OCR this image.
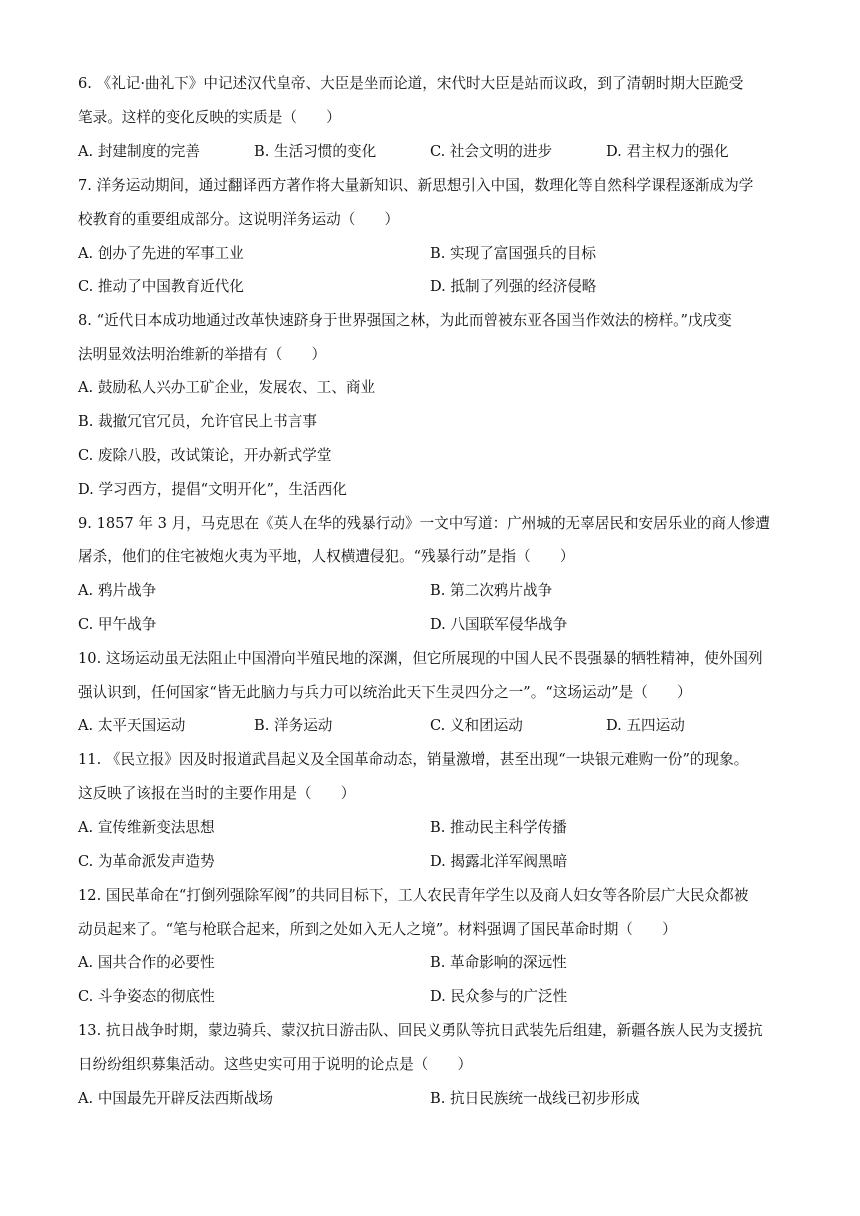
6. 《礼记·曲礼下》中记述汉代皇帝、大臣是坐而论道，宋代时大臣是站而议政，到了清朝时期大臣跪受
笔录。这样的变化反映的实质是（　　）
A. 封建制度的完善	B. 生活习惯的变化	C. 社会文明的进步	D. 君主权力的强化
7. 洋务运动期间，通过翻译西方著作将大量新知识、新思想引入中国，数理化等自然科学课程逐渐成为学
校教育的重要组成部分。这说明洋务运动（　　）
A. 创办了先进的军事工业	B. 实现了富国强兵的目标
C. 推动了中国教育近代化	D. 抵制了列强的经济侵略
8. “近代日本成功地通过改革快速跻身于世界强国之林，为此而曾被东亚各国当作效法的榜样。”戊戌变
法明显效法明治维新的举措有（　　）
A. 鼓励私人兴办工矿企业，发展农、工、商业
B. 裁撤冗官冗员，允许官民上书言事
C. 废除八股，改试策论，开办新式学堂
D. 学习西方，提倡“文明开化”，生活西化
9. 1857 年 3 月，马克思在《英人在华的残暴行动》一文中写道：广州城的无辜居民和安居乐业的商人惨遭
屠杀，他们的住宅被炮火夷为平地，人权横遭侵犯。“残暴行动”是指（　　）
A. 鸦片战争	B. 第二次鸦片战争
C. 甲午战争	D. 八国联军侵华战争
10. 这场运动虽无法阻止中国滑向半殖民地的深渊，但它所展现的中国人民不畏强暴的牺牲精神，使外国列
强认识到，任何国家“皆无此脑力与兵力可以统治此天下生灵四分之一”。“这场运动”是（　　）
A. 太平天国运动	B. 洋务运动	C. 义和团运动	D. 五四运动
11. 《民立报》因及时报道武昌起义及全国革命动态，销量激增，甚至出现“一块银元难购一份”的现象。
这反映了该报在当时的主要作用是（　　）
A. 宣传维新变法思想	B. 推动民主科学传播
C. 为革命派发声造势	D. 揭露北洋军阀黑暗
12. 国民革命在“打倒列强除军阀”的共同目标下，工人农民青年学生以及商人妇女等各阶层广大民众都被
动员起来了。“笔与枪联合起来，所到之处如入无人之境”。材料强调了国民革命时期（　　）
A. 国共合作的必要性	B. 革命影响的深远性
C. 斗争姿态的彻底性	D. 民众参与的广泛性
13. 抗日战争时期，蒙边骑兵、蒙汉抗日游击队、回民义勇队等抗日武装先后组建，新疆各族人民为支援抗
日纷纷组织募集活动。这些史实可用于说明的论点是（　　）
A. 中国最先开辟反法西斯战场	B. 抗日民族统一战线已初步形成
